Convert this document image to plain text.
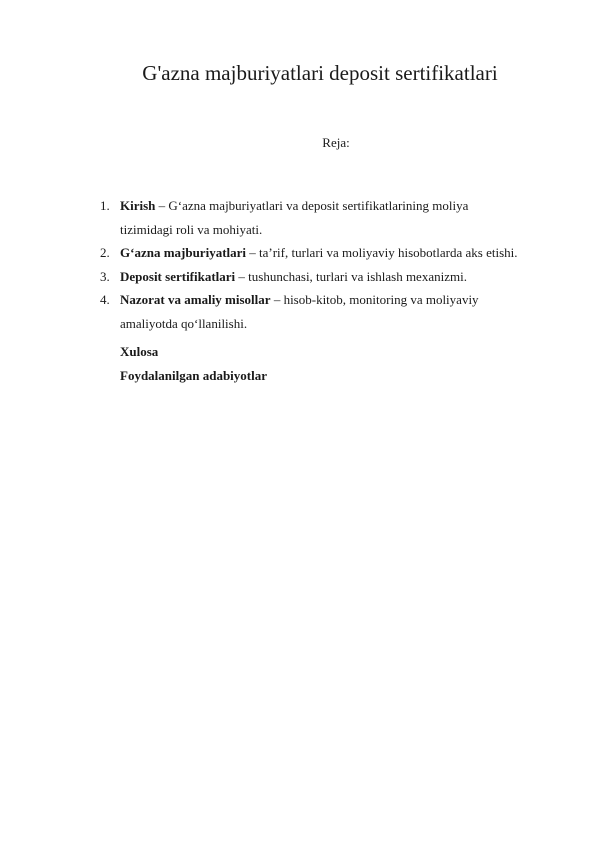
G'azna majburiyatlari deposit sertifikatlari
Reja:
1. Kirish – G‘azna majburiyatlari va deposit sertifikatlarining moliya
tizimidagi roli va mohiyati.
2. G‘azna majburiyatlari – ta’rif, turlari va moliyaviy hisobotlarda aks etishi.
3. Deposit sertifikatlari – tushunchasi, turlari va ishlash mexanizmi.
4. Nazorat va amaliy misollar – hisob-kitob, monitoring va moliyaviy
amaliyotda qo‘llanilishi.
Xulosa
Foydalanilgan adabiyotlar
